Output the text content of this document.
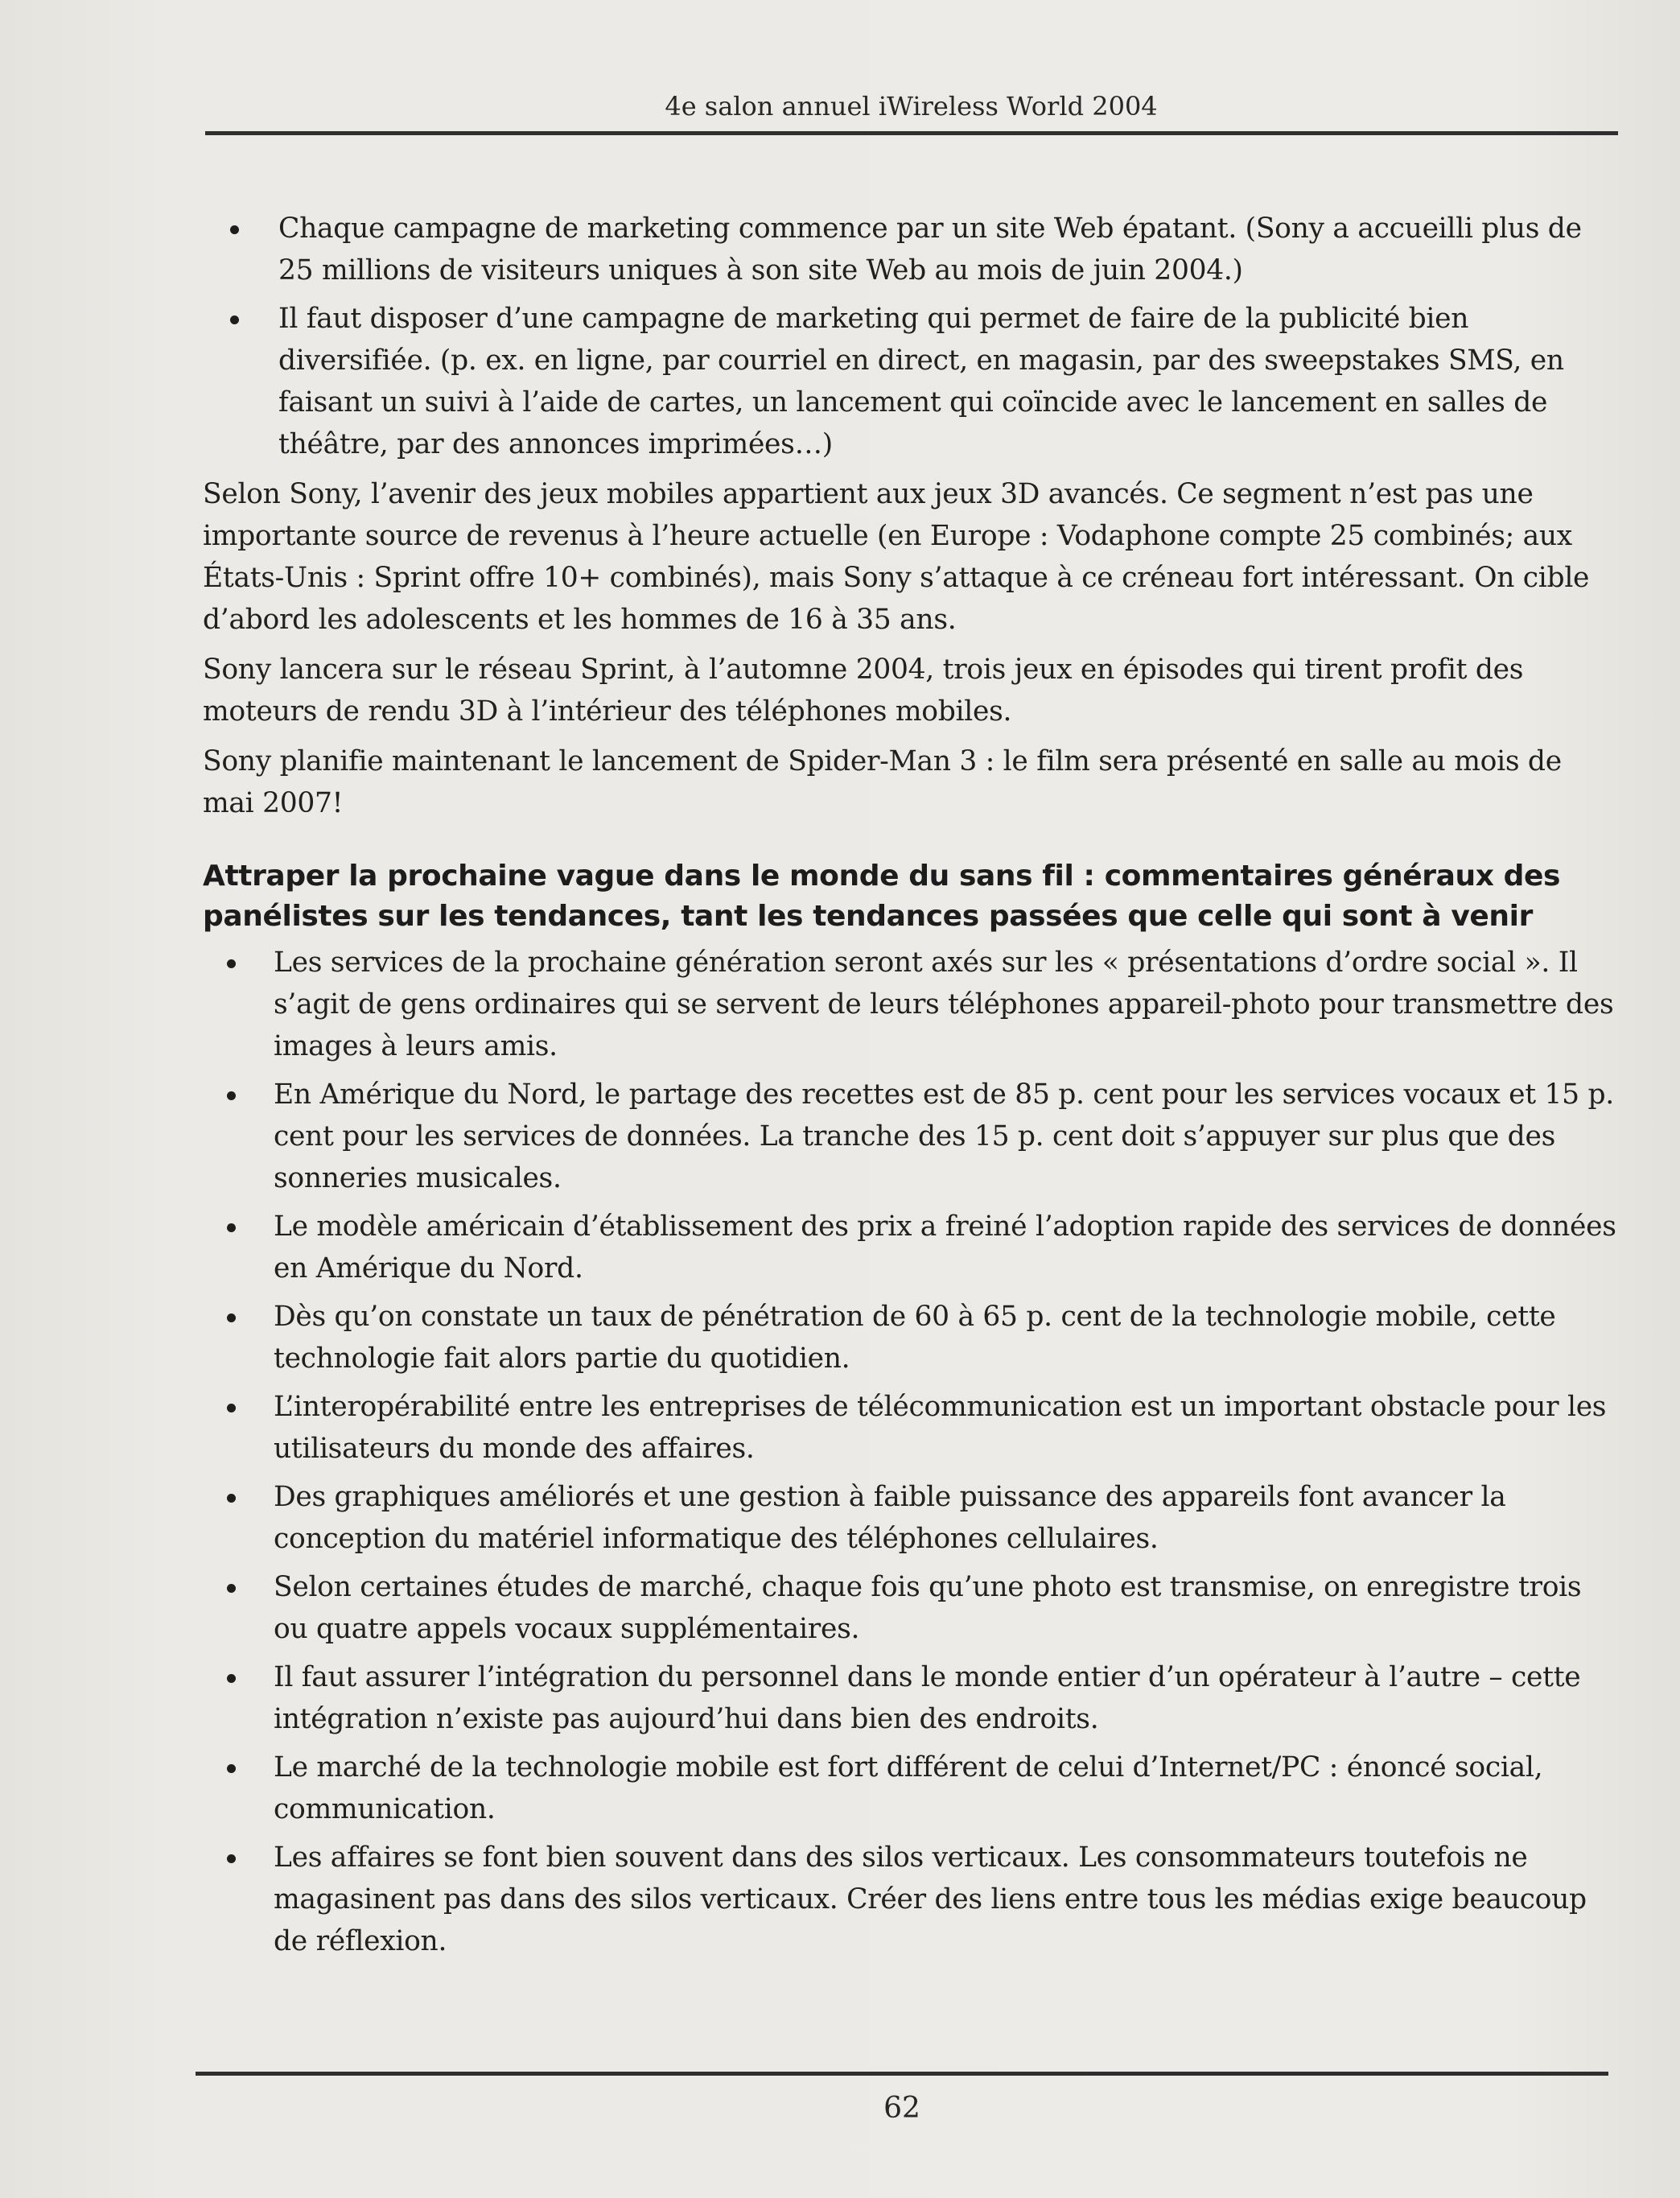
4e salon annuel iWireless World 2004
Chaque campagne de marketing commence par un site Web épatant. (Sony a accueilli plus de 25 millions de visiteurs uniques à son site Web au mois de juin 2004.)
Il faut disposer d’une campagne de marketing qui permet de faire de la publicité bien diversifiée. (p. ex. en ligne, par courriel en direct, en magasin, par des sweepstakes SMS, en faisant un suivi à l’aide de cartes, un lancement qui coïncide avec le lancement en salles de théâtre, par des annonces imprimées…)

Selon Sony, l’avenir des jeux mobiles appartient aux jeux 3D avancés. Ce segment n’est pas une importante source de revenus à l’heure actuelle (en Europe : Vodaphone compte 25 combinés; aux États-Unis : Sprint offre 10+ combinés), mais Sony s’attaque à ce créneau fort intéressant. On cible d’abord les adolescents et les hommes de 16 à 35 ans.

Sony lancera sur le réseau Sprint, à l’automne 2004, trois jeux en épisodes qui tirent profit des moteurs de rendu 3D à l’intérieur des téléphones mobiles.

Sony planifie maintenant le lancement de Spider-Man 3 : le film sera présenté en salle au mois de mai 2007!

Attraper la prochaine vague dans le monde du sans fil : commentaires généraux des panélistes sur les tendances, tant les tendances passées que celle qui sont à venir
Les services de la prochaine génération seront axés sur les « présentations d’ordre social ». Il s’agit de gens ordinaires qui se servent de leurs téléphones appareil-photo pour transmettre des images à leurs amis.
En Amérique du Nord, le partage des recettes est de 85 p. cent pour les services vocaux et 15 p. cent pour les services de données. La tranche des 15 p. cent doit s’appuyer sur plus que des sonneries musicales.
Le modèle américain d’établissement des prix a freiné l’adoption rapide des services de données en Amérique du Nord.
Dès qu’on constate un taux de pénétration de 60 à 65 p. cent de la technologie mobile, cette technologie fait alors partie du quotidien.
L’interopérabilité entre les entreprises de télécommunication est un important obstacle pour les utilisateurs du monde des affaires.
Des graphiques améliorés et une gestion à faible puissance des appareils font avancer la conception du matériel informatique des téléphones cellulaires.
Selon certaines études de marché, chaque fois qu’une photo est transmise, on enregistre trois ou quatre appels vocaux supplémentaires.
Il faut assurer l’intégration du personnel dans le monde entier d’un opérateur à l’autre – cette intégration n’existe pas aujourd’hui dans bien des endroits.
Le marché de la technologie mobile est fort différent de celui d’Internet/PC : énoncé social, communication.
Les affaires se font bien souvent dans des silos verticaux. Les consommateurs toutefois ne magasinent pas dans des silos verticaux. Créer des liens entre tous les médias exige beaucoup de réflexion.
62
